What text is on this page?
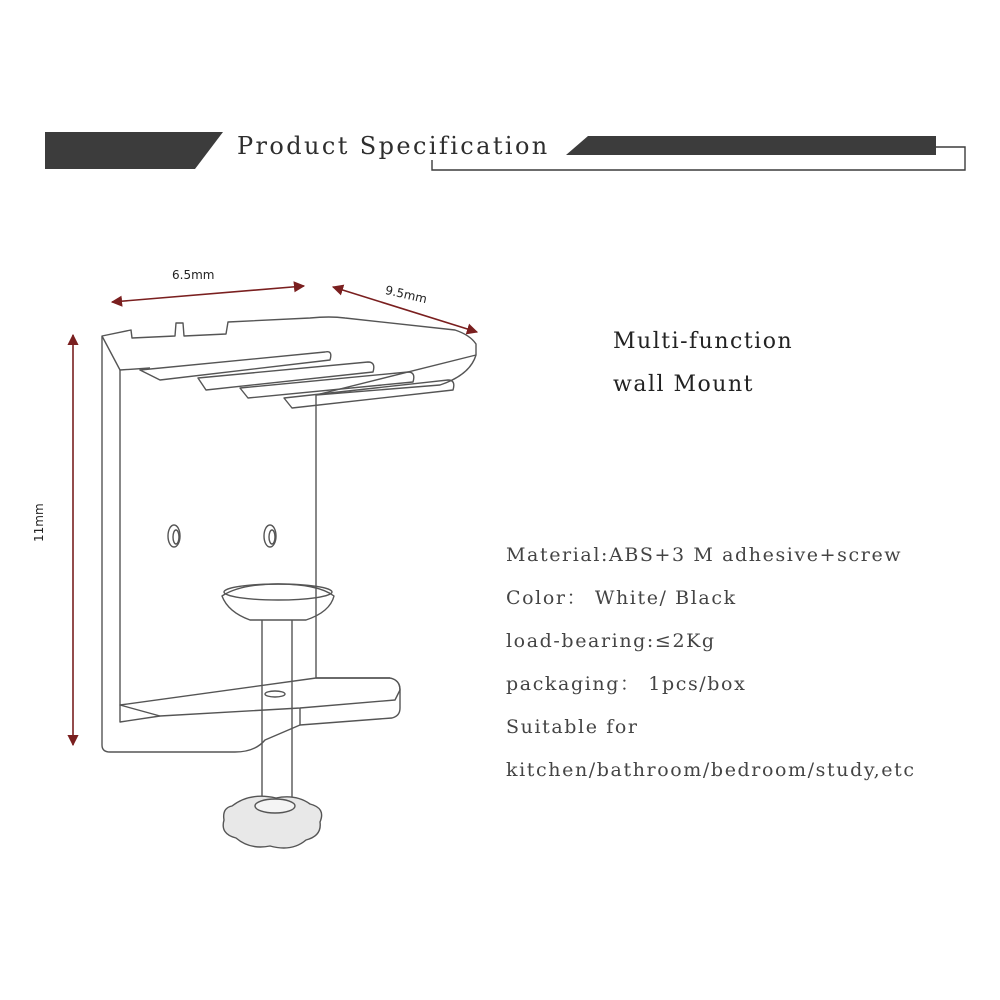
Product Specification
6.5mm
9.5mm
11mm
Multi-function
wall Mount
Material:ABS+3 M adhesive+screw
Color： White/ Black
load-bearing:≤2Kg
packaging： 1pcs/box
Suitable for
kitchen/bathroom/bedroom/study,etc
